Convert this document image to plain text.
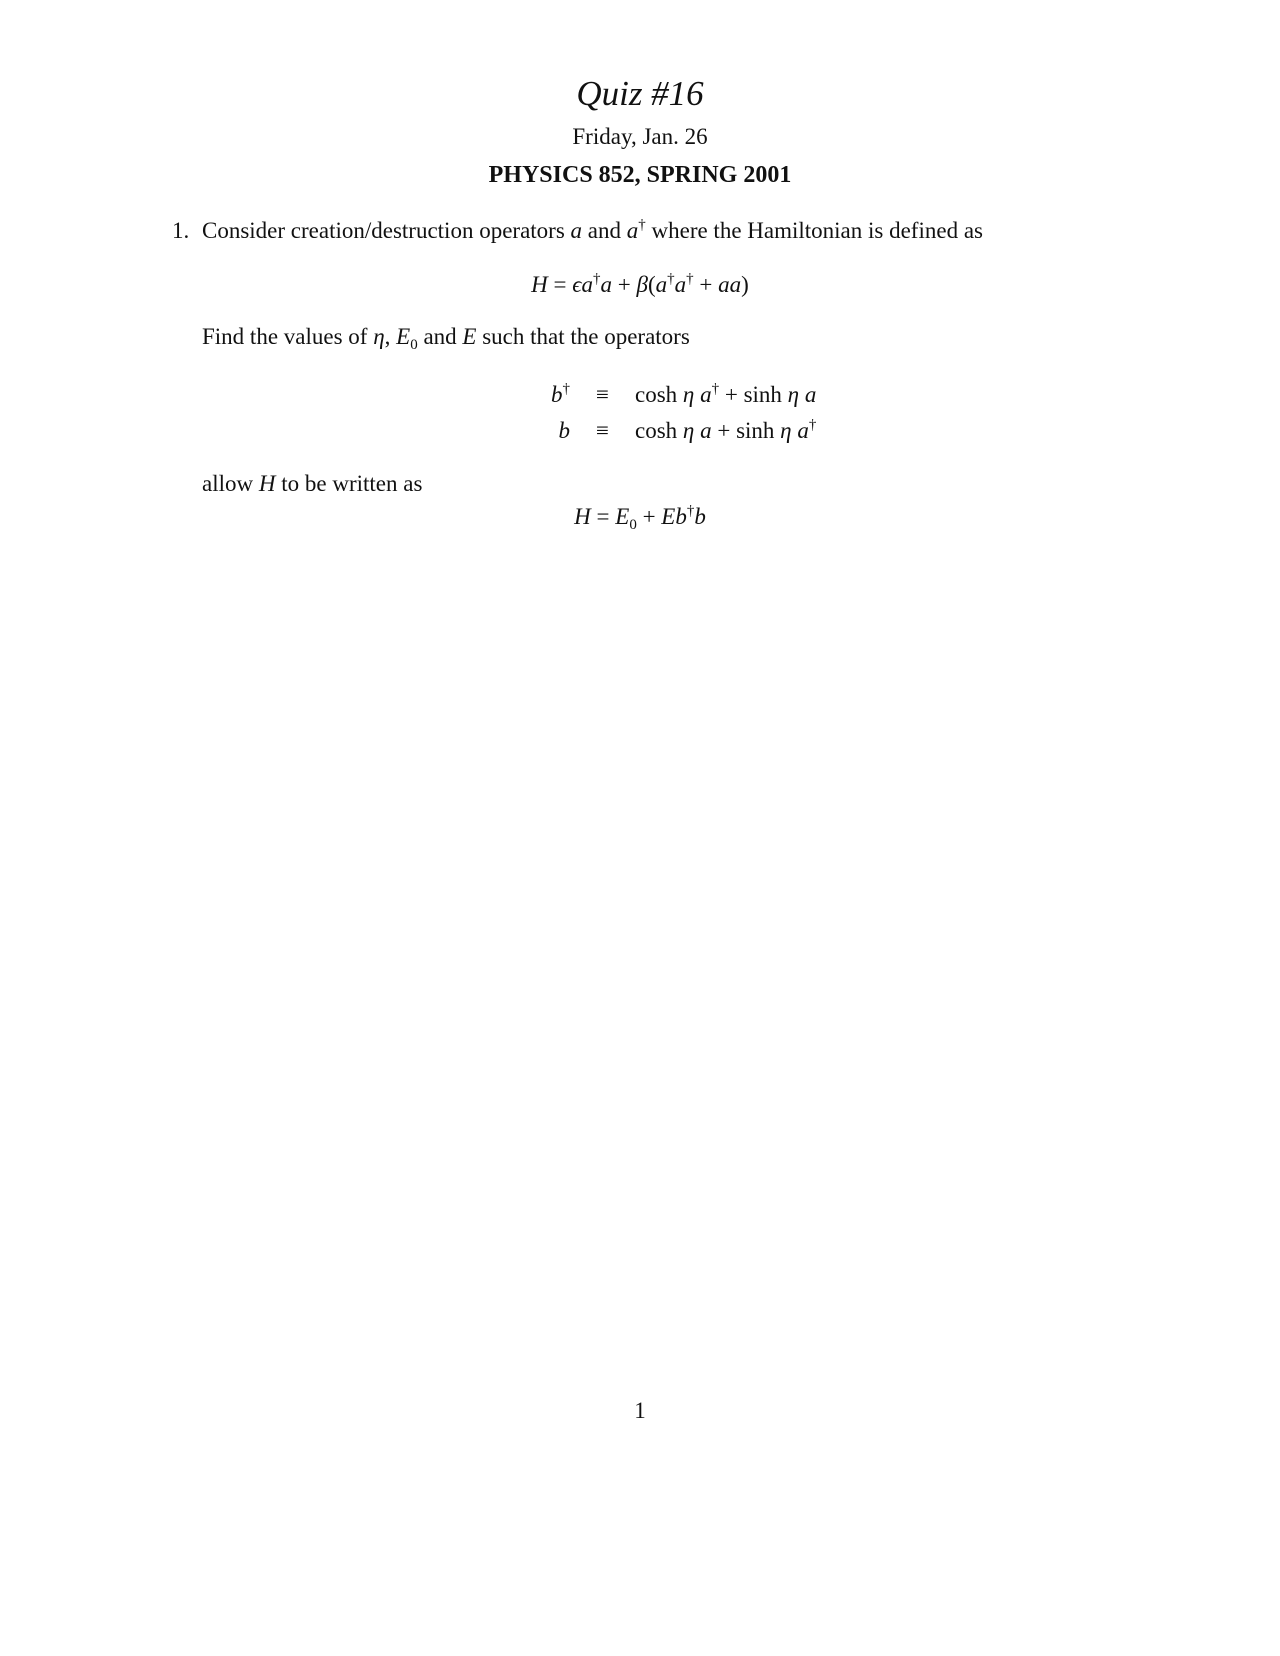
Quiz #16
Friday, Jan. 26
PHYSICS 852, SPRING 2001
1. Consider creation/destruction operators a and a† where the Hamiltonian is defined as
H = ϵa†a + β(a†a† + aa)
Find the values of η, $E_0$ and E such that the operators
b† ≡ cosh η a† + sinh η a
b ≡ cosh η a + sinh η a†
allow H to be written as
$H = E_0 + Eb^\dagger b$
1
